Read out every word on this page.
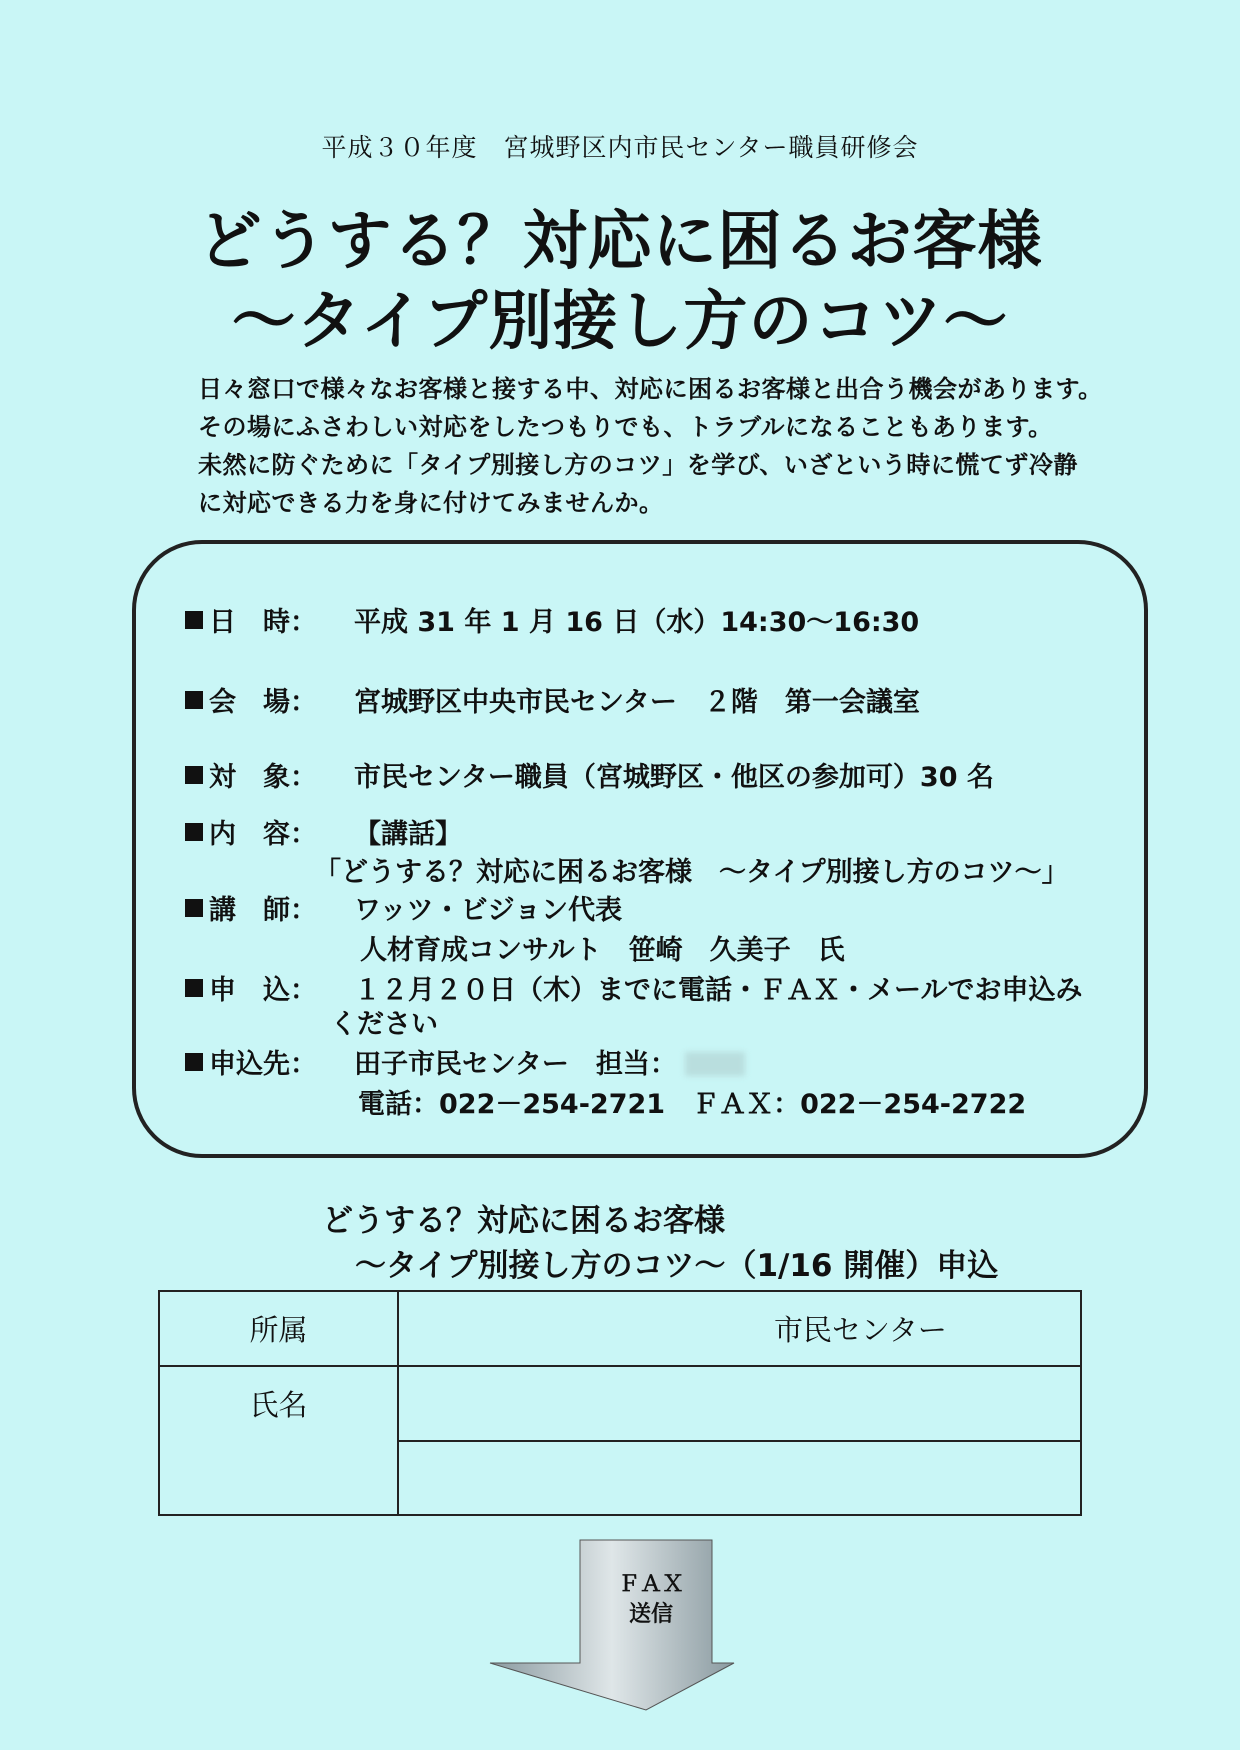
平成３０年度　宮城野区内市民センター職員研修会
どうする？対応に困るお客様
～タイプ別接し方のコツ～
日々窓口で様々なお客様と接する中、対応に困るお客様と出合う機会があります。
その場にふさわしい対応をしたつもりでも、トラブルになることもあります。
未然に防ぐために「タイプ別接し方のコツ」を学び、いざという時に慌てず冷静
に対応できる力を身に付けてみませんか。
日　時： 平成 31 年 1 月 16 日（水）14:30～16:30
会　場： 宮城野区中央市民センター　２階　第一会議室
対　象： 市民センター職員（宮城野区・他区の参加可）30 名
内　容： 【講話】
「どうする？対応に困るお客様　～タイプ別接し方のコツ～」
講　師： ワッツ・ビジョン代表
人材育成コンサルト　笹崎　久美子　氏
申　込： １２月２０日（木）までに電話・ＦＡＸ・メールでお申込み
ください
申込先： 田子市民センター　担当：
電話：022－254-2721　ＦＡＸ：022－254-2722
どうする？対応に困るお客様
～タイプ別接し方のコツ～（1/16 開催）申込
所属	市民センター
氏名	

ＦＡＸ
送信
